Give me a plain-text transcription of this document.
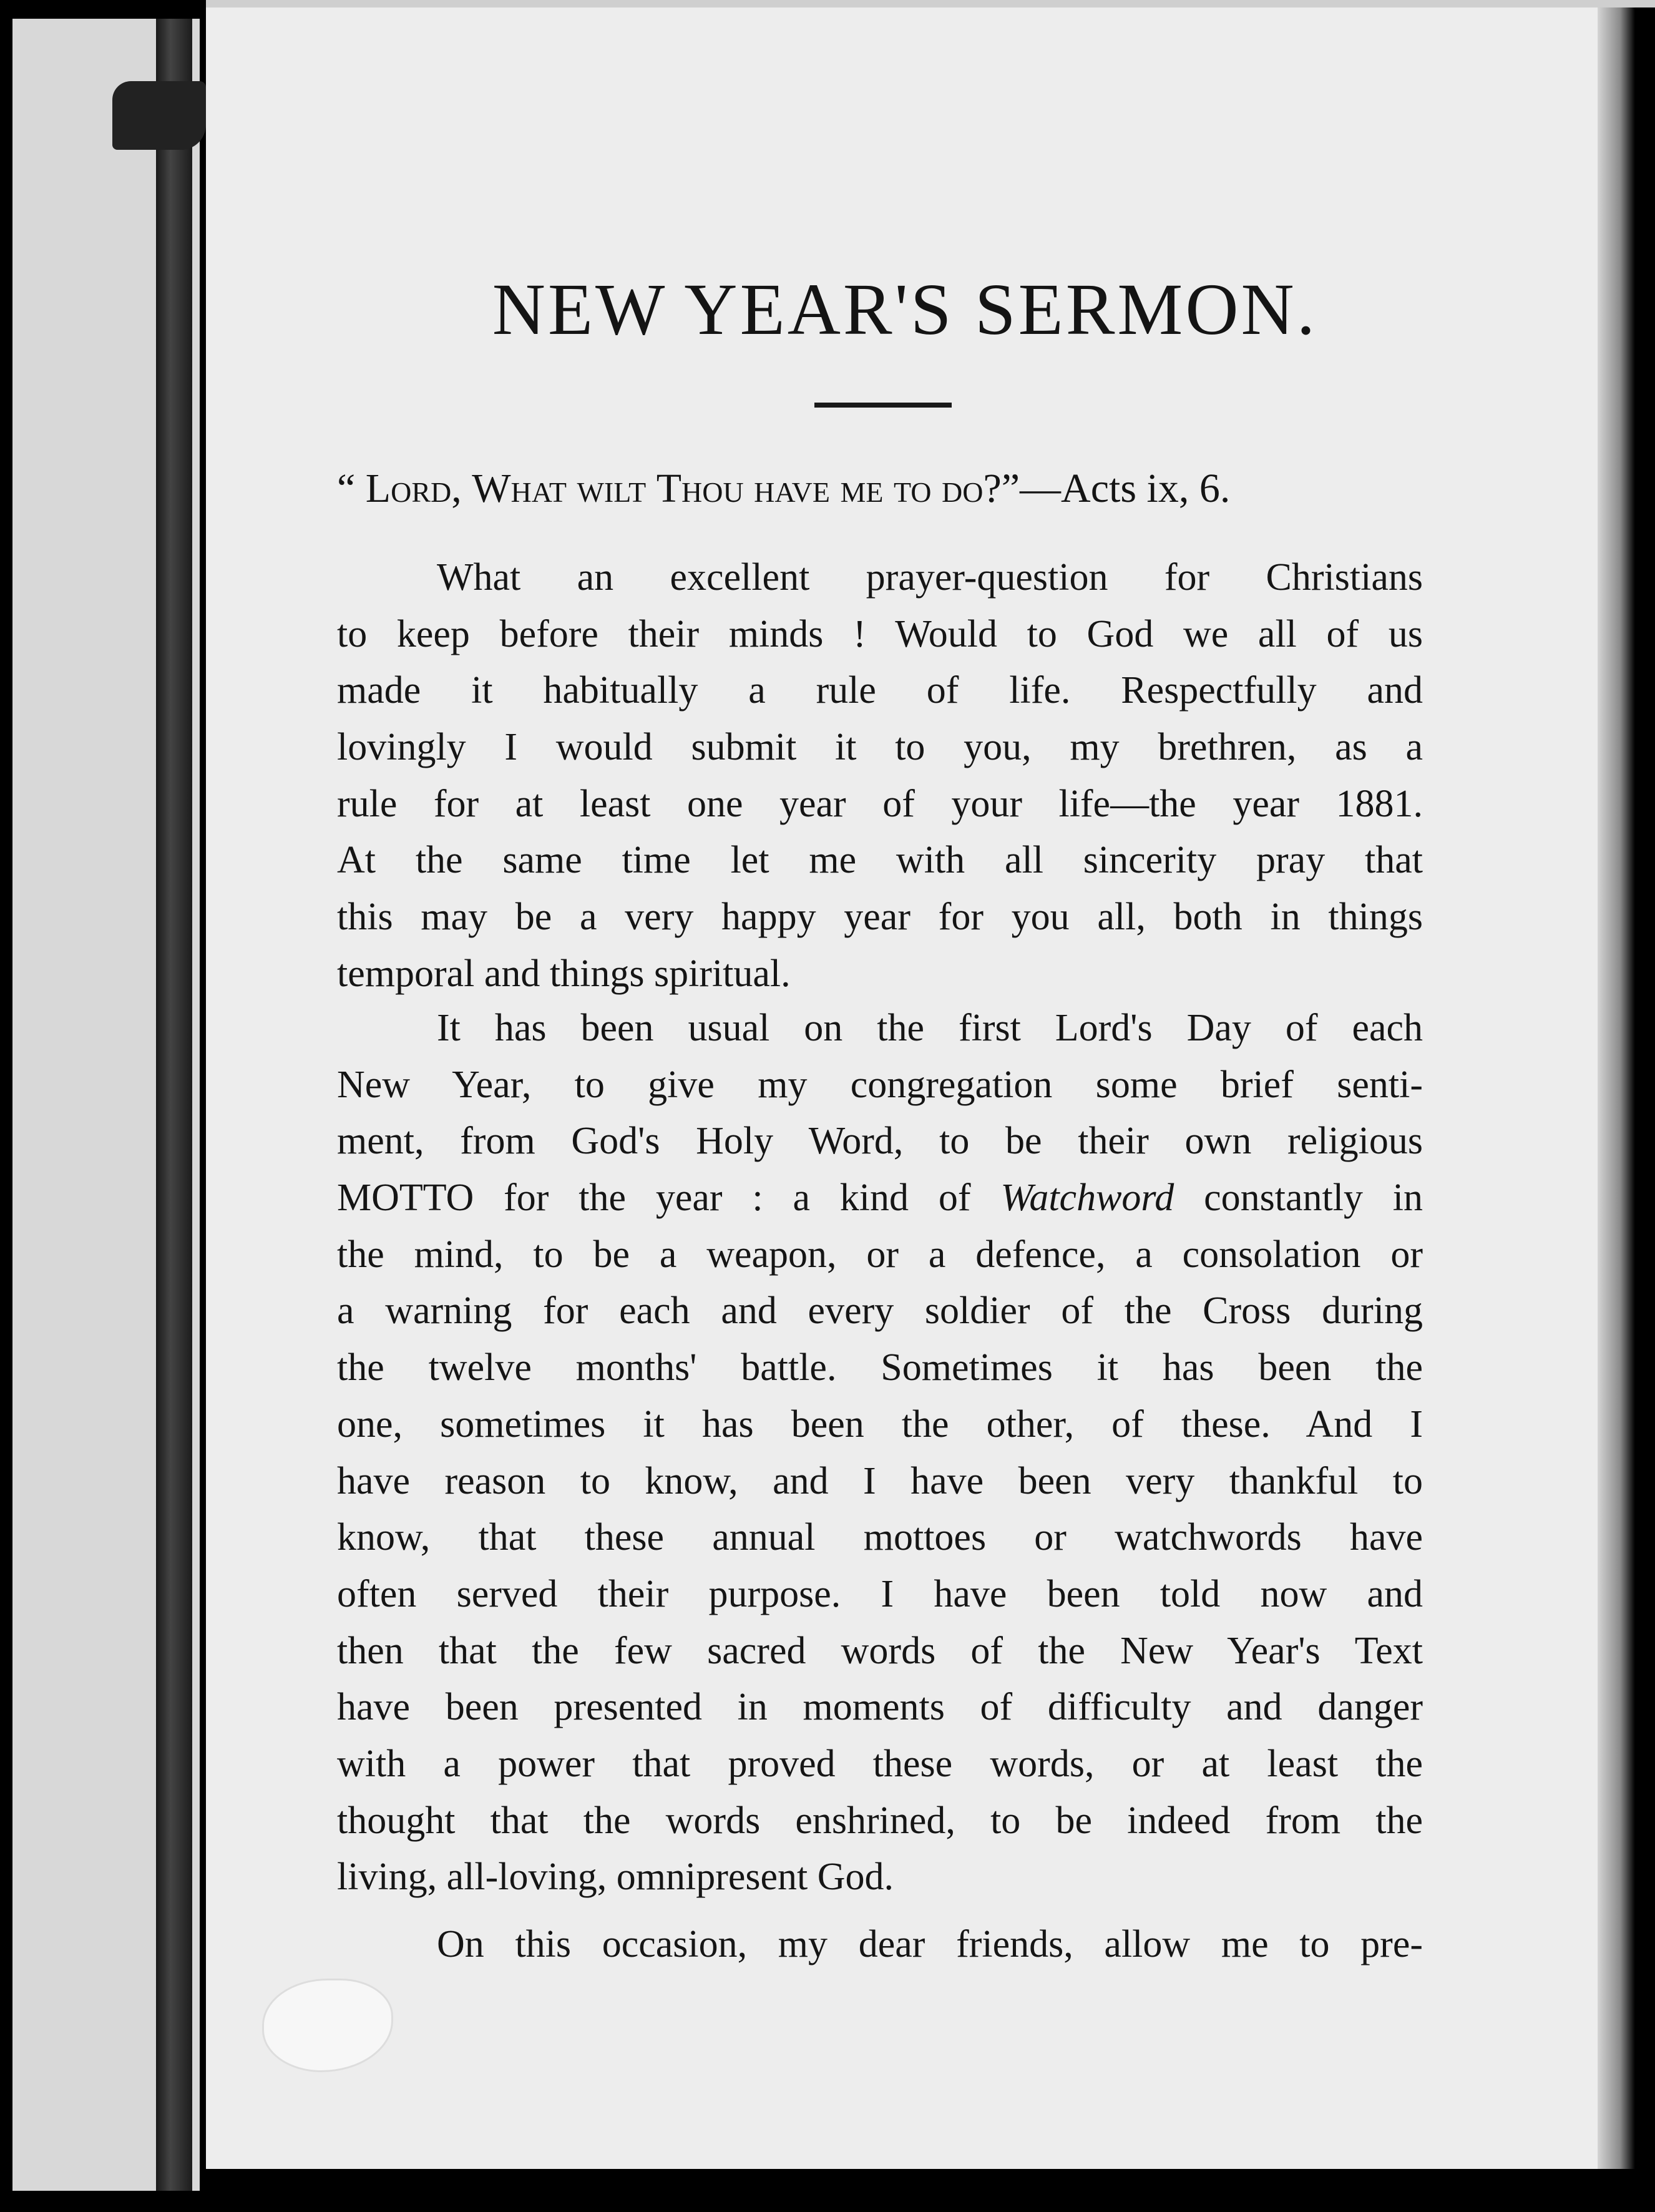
NEW YEAR'S SERMON.
“ Lord, What wilt Thou have me to do?”—Acts ix, 6.
What an excellent prayer-question for Christians
to keep before their minds ! Would to God we all of us
made it habitually a rule of life. Respectfully and
lovingly I would submit it to you, my brethren, as a
rule for at least one year of your life—the year 1881.
At the same time let me with all sincerity pray that
this may be a very happy year for you all, both in things
temporal and things spiritual.
It has been usual on the first Lord's Day of each
New Year, to give my congregation some brief senti-
ment, from God's Holy Word, to be their own religious
MOTTO for the year : a kind of Watchword constantly in
the mind, to be a weapon, or a defence, a consolation or
a warning for each and every soldier of the Cross during
the twelve months' battle. Sometimes it has been the
one, sometimes it has been the other, of these. And I
have reason to know, and I have been very thankful to
know, that these annual mottoes or watchwords have
often served their purpose. I have been told now and
then that the few sacred words of the New Year's Text
have been presented in moments of difficulty and danger
with a power that proved these words, or at least the
thought that the words enshrined, to be indeed from the
living, all-loving, omnipresent God.
On this occasion, my dear friends, allow me to pre-
